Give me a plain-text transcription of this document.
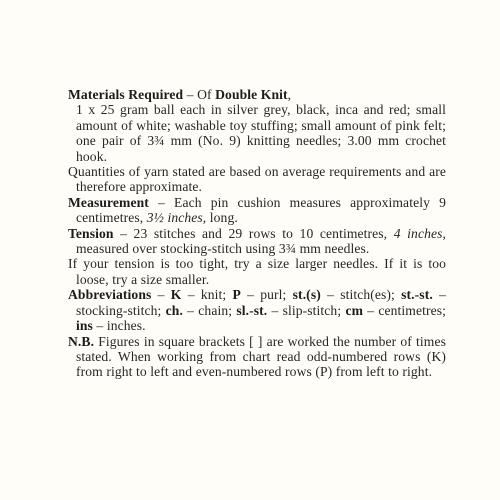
Materials Required – Of Double Knit,

1 x 25 gram ball each in silver grey, black, inca and red; small amount of white; washable toy stuffing; small amount of pink felt; one pair of 3¾ mm (No. 9) knitting needles; 3.00 mm crochet hook.

Quantities of yarn stated are based on average requirements and are therefore approximate.

Measurement – Each pin cushion measures approximately 9 centimetres, 3½ inches, long.

Tension – 23 stitches and 29 rows to 10 centimetres, 4 inches, measured over stocking-stitch using 3¾ mm needles.

If your tension is too tight, try a size larger needles. If it is too loose, try a size smaller.

Abbreviations – K – knit; P – purl; st.(s) – stitch(es); st.-st. – stocking-stitch; ch. – chain; sl.-st. – slip-stitch; cm – centimetres; ins – inches.

N.B. Figures in square brackets [ ] are worked the number of times stated. When working from chart read odd-numbered rows (K) from right to left and even-numbered rows (P) from left to right.
